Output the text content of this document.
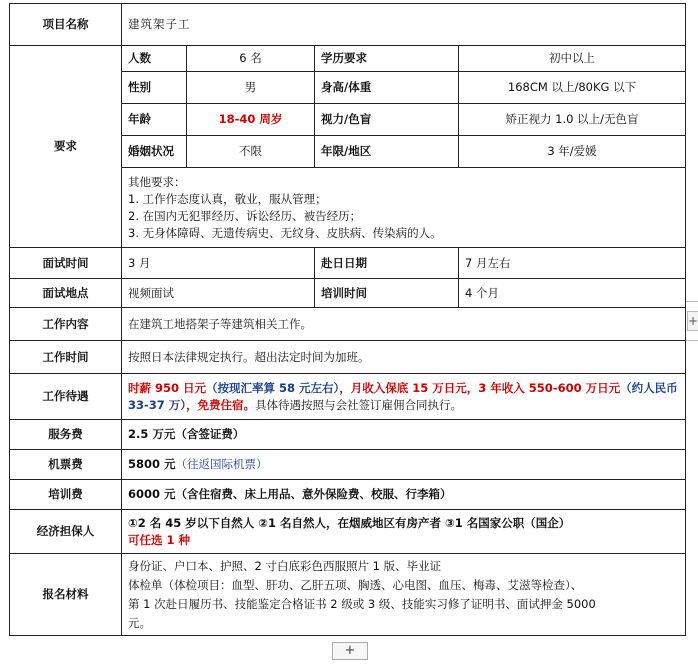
项目名称	建筑架子工			
要求	人数	6 名	学历要求	初中以上
	性别	男	身高/体重	168CM 以上/80KG 以下
	年龄	18-40 周岁	视力/色盲	矫正视力 1.0 以上/无色盲
	婚姻状况	不限	年限/地区	3 年/爱媛

	其他要求：

1. 工作作态度认真，敬业，服从管理；

2. 在国内无犯罪经历、诉讼经历、被告经历；

3. 无身体障碍、无遗传病史、无纹身、皮肤病、传染病的人。			

面试时间	3 月		赴日日期	7 月左右
面试地点	视频面试		培训时间	4 个月
工作内容	在建筑工地搭架子等建筑相关工作。			
工作时间	按照日本法律规定执行。超出法定时间为加班。			
工作待遇	时薪 950 日元（按现汇率算 58 元左右），月收入保底 15 万日元，3 年收入 550-600 万日元（约人民币 33-37 万），免费住宿。具体待遇按照与会社签订雇佣合同执行。			
服务费	2.5 万元（含签证费）			
机票费	5800 元（往返国际机票）			
培训费	6000 元（含住宿费、床上用品、意外保险费、校服、行李箱）			
经济担保人	①2 名 45 岁以下自然人 ②1 名自然人，在烟威地区有房产者 ③1 名国家公职（国企）
可任选 1 种			

报名材料	身份证、户口本、护照、2 寸白底彩色西服照片 1 版、毕业证

体检单（体检项目：血型、肝功、乙肝五项、胸透、心电图、血压、梅毒、艾滋等检查）、

第 1 次赴日履历书、技能鉴定合格证书 2 级或 3 级、技能实习修了证明书、面试押金 5000

元。			

+
+
